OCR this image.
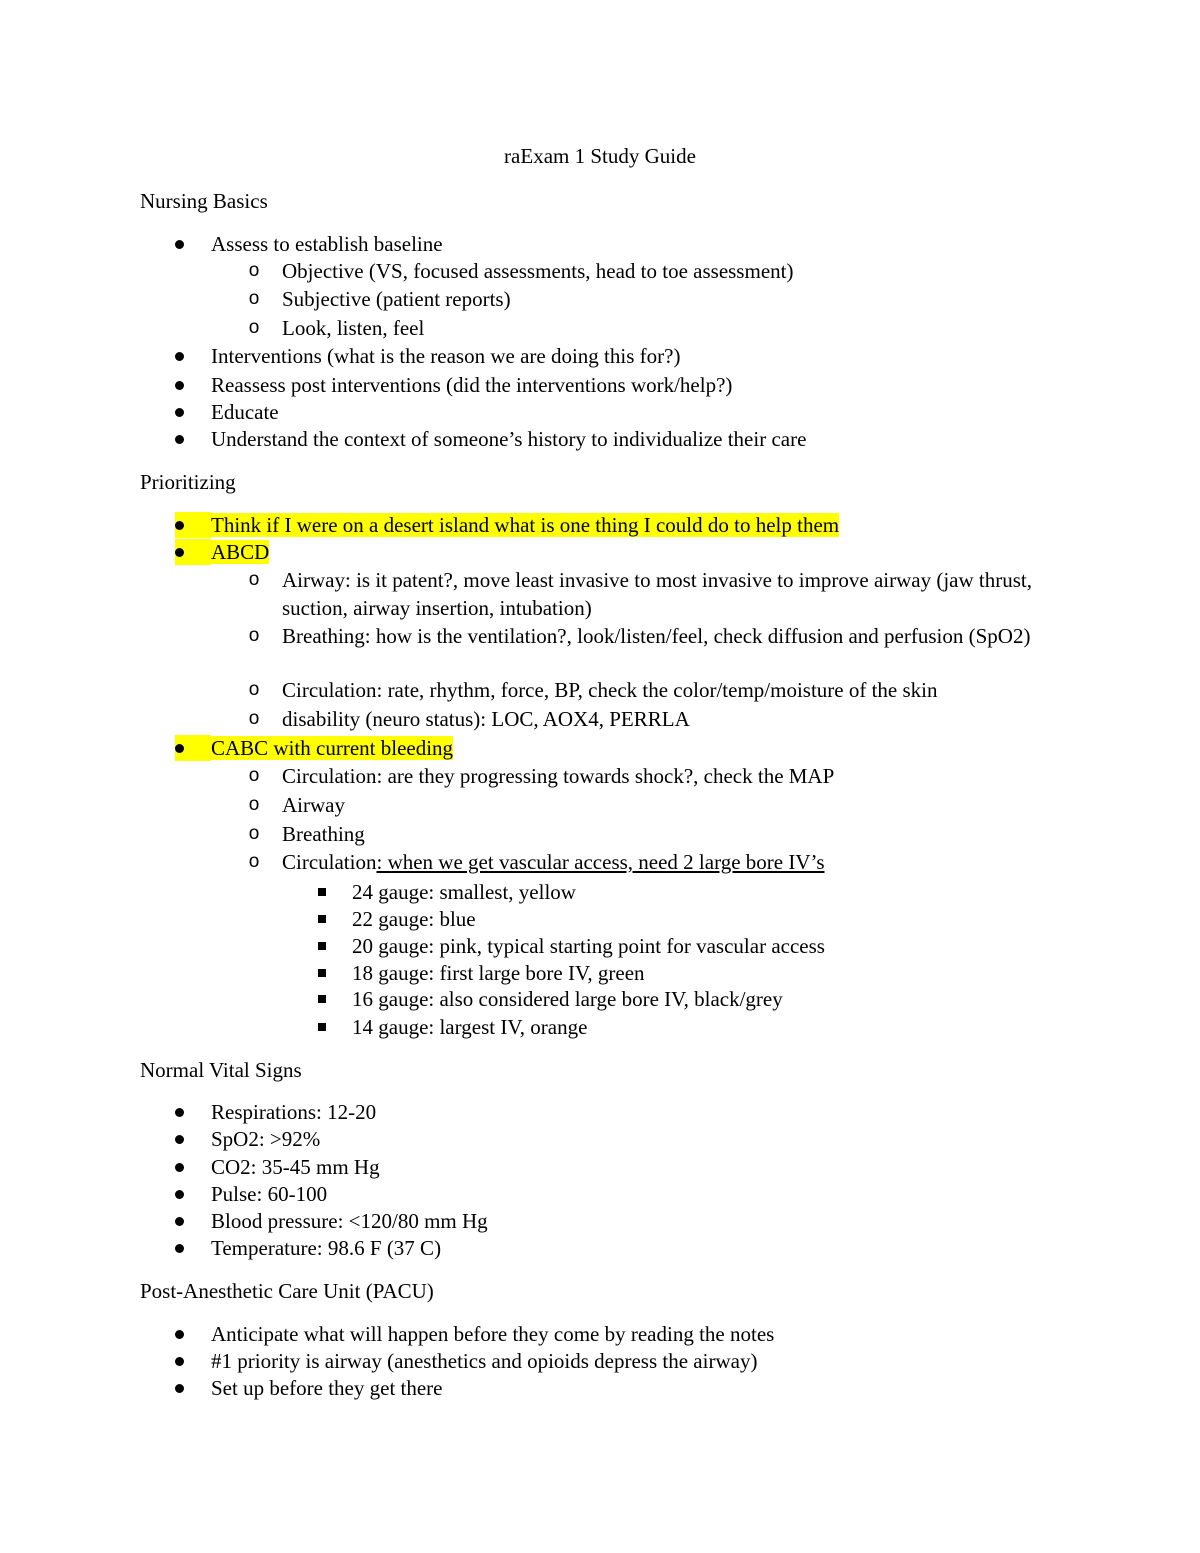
raExam 1 Study Guide
Nursing Basics
Assess to establish baseline
o Objective (VS, focused assessments, head to toe assessment)
o Subjective (patient reports)
o Look, listen, feel
Interventions (what is the reason we are doing this for?)
Reassess post interventions (did the interventions work/help?)
Educate
Understand the context of someone’s history to individualize their care
Prioritizing
Think if I were on a desert island what is one thing I could do to help them
ABCD
o Airway: is it patent?, move least invasive to most invasive to improve airway (jaw thrust, suction, airway insertion, intubation)
o Breathing: how is the ventilation?, look/listen/feel, check diffusion and perfusion (SpO2)
o Circulation: rate, rhythm, force, BP, check the color/temp/moisture of the skin
o disability (neuro status): LOC, AOX4, PERRLA
CABC with current bleeding
o Circulation: are they progressing towards shock?, check the MAP
o Airway
o Breathing
o Circulation: when we get vascular access, need 2 large bore IV’s
24 gauge: smallest, yellow
22 gauge: blue
20 gauge: pink, typical starting point for vascular access
18 gauge: first large bore IV, green
16 gauge: also considered large bore IV, black/grey
14 gauge: largest IV, orange
Normal Vital Signs
Respirations: 12-20
SpO2: >92%
CO2: 35-45 mm Hg
Pulse: 60-100
Blood pressure: <120/80 mm Hg
Temperature: 98.6 F (37 C)
Post-Anesthetic Care Unit (PACU)
Anticipate what will happen before they come by reading the notes
#1 priority is airway (anesthetics and opioids depress the airway)
Set up before they get there
